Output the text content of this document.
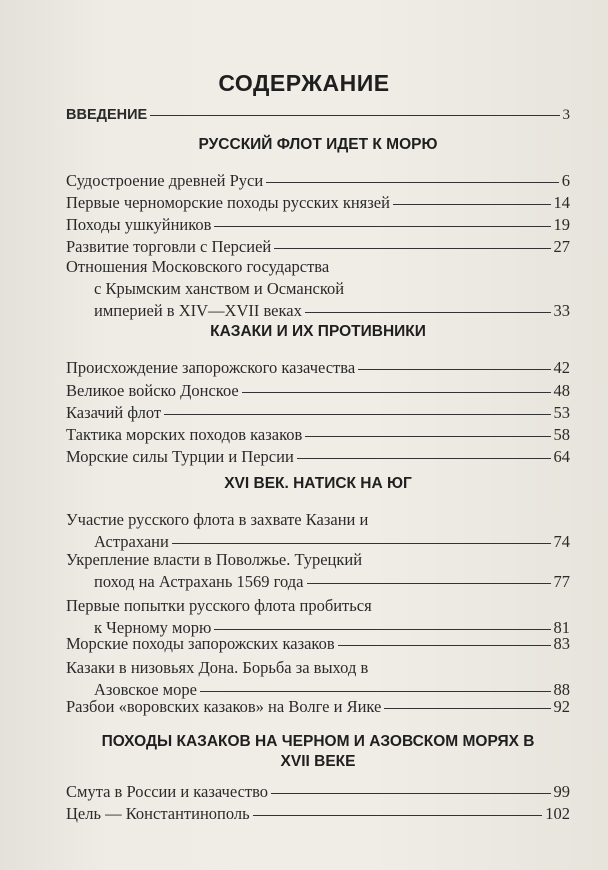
СОДЕРЖАНИЕ
ВВЕДЕНИЕ	3
РУССКИЙ ФЛОТ ИДЕТ К МОРЮ
Судостроение древней Руси	6
Первые черноморские походы русских князей	14
Походы ушкуйников	19
Развитие торговли с Персией	27
Отношения Московского государства
с Крымским ханством и Османской
империей в XIV—XVII веках	33
КАЗАКИ И ИХ ПРОТИВНИКИ
Происхождение запорожского казачества	42
Великое войско Донское	48
Казачий флот	53
Тактика морских походов казаков	58
Морские силы Турции и Персии	64
XVI ВЕК. НАТИСК НА ЮГ
Участие русского флота в захвате Казани и
Астрахани	74
Укрепление власти в Поволжье. Турецкий
поход на Астрахань 1569 года	77
Первые попытки русского флота пробиться
к Черному морю	81
Морские походы запорожских казаков	83
Казаки в низовьях Дона. Борьба за выход в
Азовское море	88
Разбои «воровских казаков» на Волге и Яике	92
ПОХОДЫ КАЗАКОВ НА ЧЕРНОМ И АЗОВСКОМ МОРЯХ В XVII ВЕКЕ
Смута в России и казачество	99
Цель — Константинополь	102
